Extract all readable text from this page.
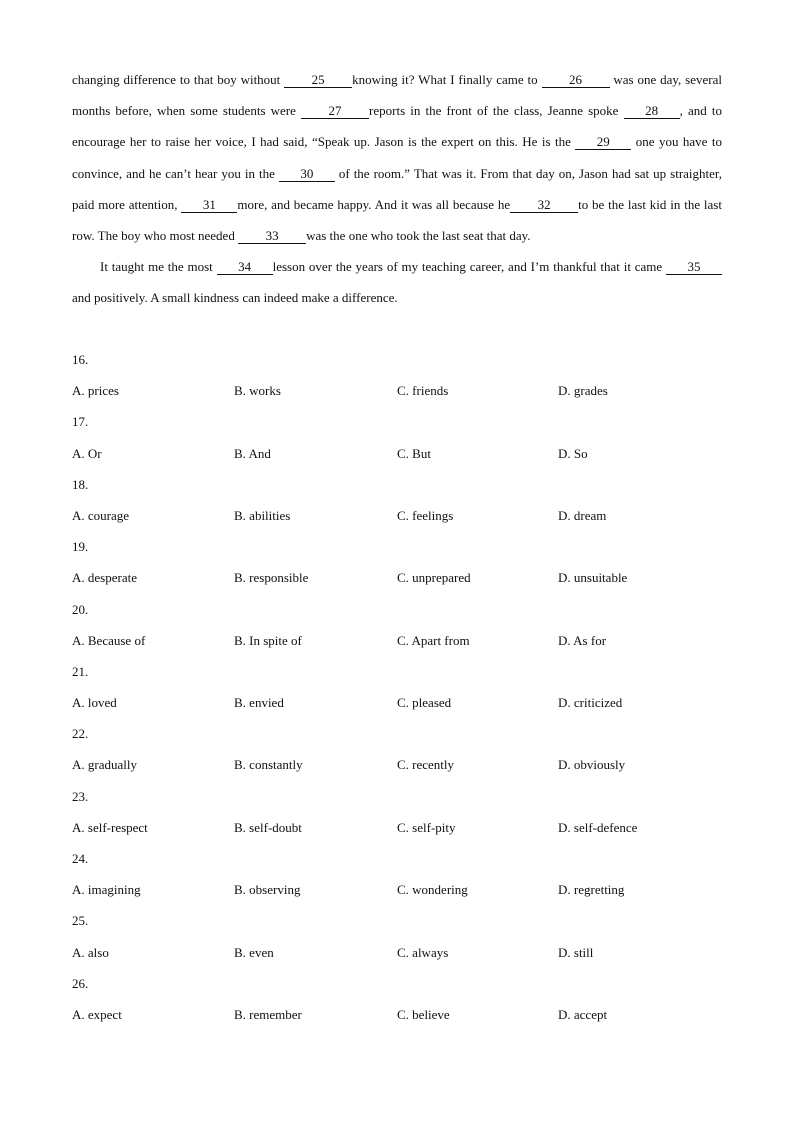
changing difference to that boy without 25 knowing it? What I finally came to 26 was one day, several months before, when some students were 27 reports in the front of the class, Jeanne spoke 28 , and to encourage her to raise her voice, I had said, “Speak up. Jason is the expert on this. He is the 29 one you have to convince, and he can’t hear you in the 30 of the room.” That was it. From that day on, Jason had sat up straighter, paid more attention, 31 more, and became happy. And it was all because he 32 to be the last kid in the last row. The boy who most needed 33 was the one who took the last seat that day.

It taught me the most 34 lesson over the years of my teaching career, and I’m thankful that it came 35 and positively. A small kindness can indeed make a difference.

16.
A. prices	B. works	C. friends	D. grades
17.
A. Or	B. And	C. But	D. So
18.
A. courage	B. abilities	C. feelings	D. dream
19.
A. desperate	B. responsible	C. unprepared	D. unsuitable
20.
A. Because of	B. In spite of	C. Apart from	D. As for
21.
A. loved	B. envied	C. pleased	D. criticized
22.
A. gradually	B. constantly	C. recently	D. obviously
23.
A. self-respect	B. self-doubt	C. self-pity	D. self-defence
24.
A. imagining	B. observing	C. wondering	D. regretting
25.
A. also	B. even	C. always	D. still
26.
A. expect	B. remember	C. believe	D. accept
